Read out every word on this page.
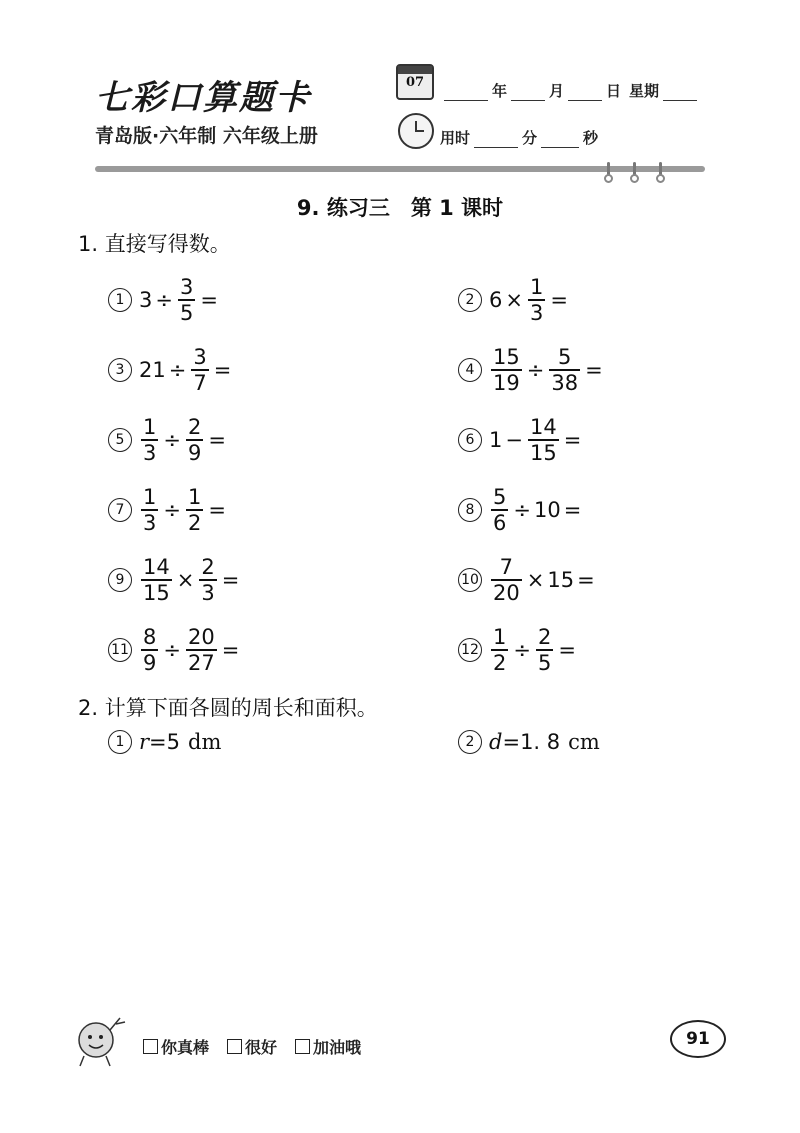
七彩口算题卡
青岛版·六年制 六年级上册
07	年	月	日 星期
用时	分	秒
9. 练习三　第 1 课时
1. 直接写得数。
1 $3 \div \frac{3}{5}$ =	2 $6 \times \frac{1}{3}$ =
3 $21 \div \frac{3}{7}$ =	$4 \frac{15}{19} \div \frac{5}{38}$ =
$5 \frac{1}{3} \div \frac{2}{9}$ =	6 $1 - \frac{14}{15}$ =
$7 \frac{1}{3} \div \frac{1}{2}$ =	$8 \frac{5}{6} \div 10$ =
$9 \frac{14}{15} \times \frac{2}{3}$ =	$10 \frac{7}{20} \times 15$ =
$11 \frac{8}{9} \div \frac{20}{27}$ =	$12 \frac{1}{2} \div \frac{2}{5}$ =
2. 计算下面各圆的周长和面积。
1 r = 5 dm	2 d = 1. 8 cm
你真棒	很好	加油哦	91
